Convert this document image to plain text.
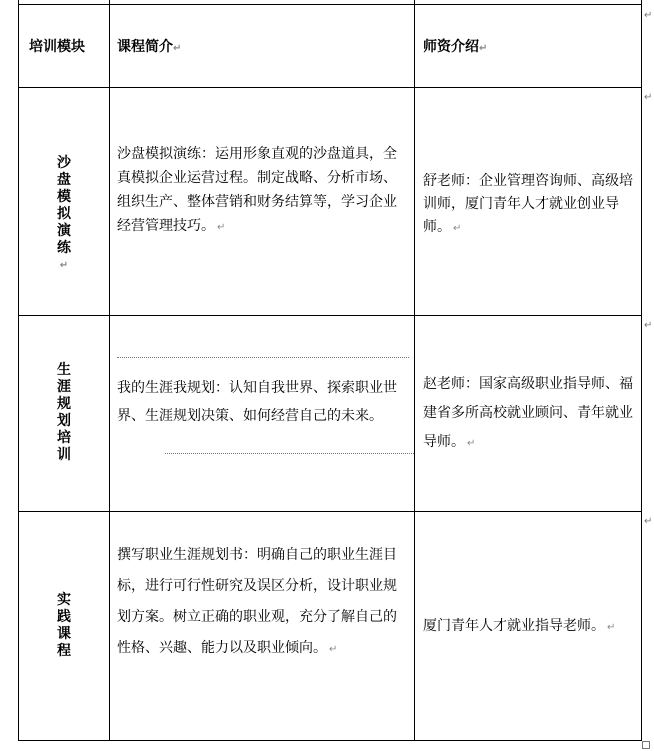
培训模块 课程简介↵	师资介绍↵
沙盘模拟演练
↵
沙盘模拟演练：运用形象直观的沙盘道具，全真模拟企业运营过程。制定战略、分析市场、组织生产、整体营销和财务结算等，学习企业经营管理技巧。 ↵
舒老师：企业管理咨询师、高级培训师，厦门青年人才就业创业导师。 ↵
生涯规划培训
我的生涯我规划：认知自我世界、探索职业世界、生涯规划决策、如何经营自己的未来。
赵老师：国家高级职业指导师、福建省多所高校就业顾问、青年就业导师。 ↵
实践课程
撰写职业生涯规划书：明确自己的职业生涯目标，进行可行性研究及误区分析，设计职业规划方案。树立正确的职业观，充分了解自己的性格、兴趣、能力以及职业倾向。 ↵
厦门青年人才就业指导老师。 ↵
↵
↵
↵
↵
